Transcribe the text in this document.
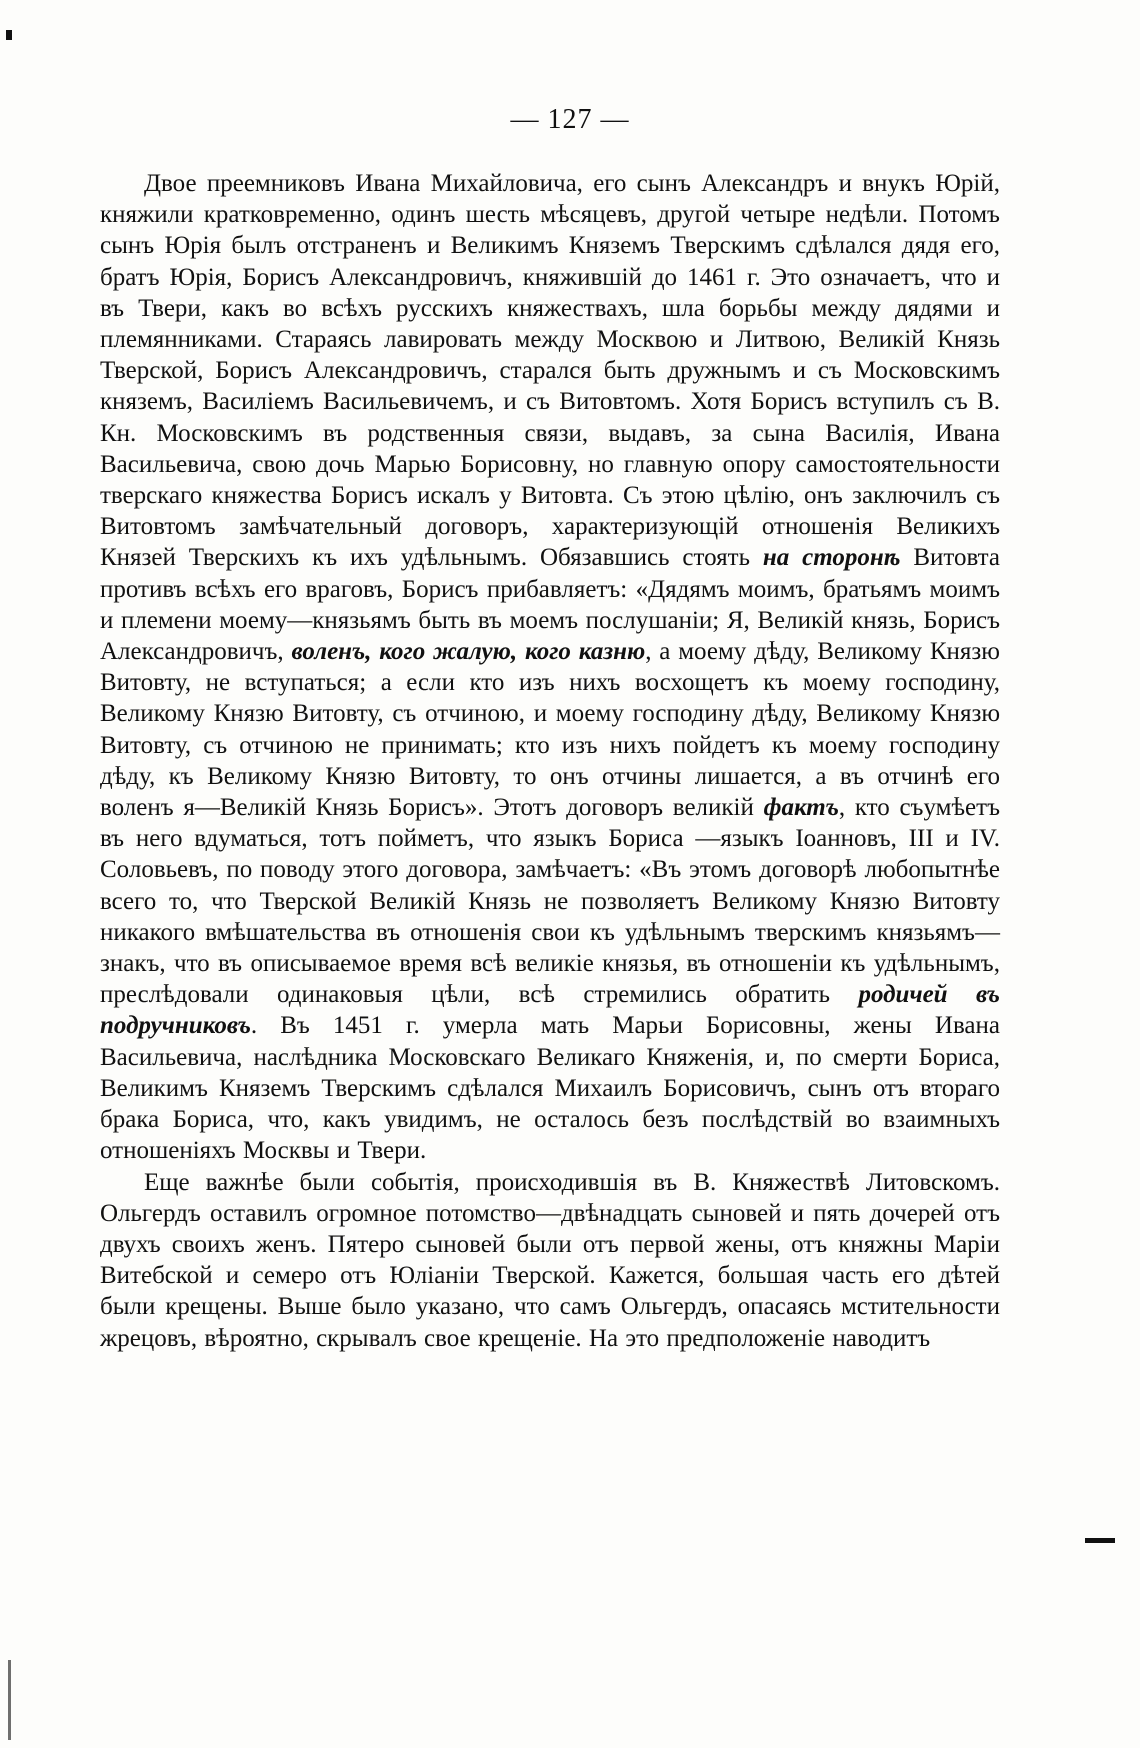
— 127 —

Двое преемниковъ Ивана Михайловича, его сынъ Александръ и внукъ Юрій, княжили кратковременно, одинъ шесть мѣсяцевъ, другой четыре недѣли. Потомъ сынъ Юрія былъ отстраненъ и Великимъ Княземъ Тверскимъ сдѣлался дядя его, братъ Юрія, Борисъ Александровичъ, княжившій до 1461 г. Это означаетъ, что и въ Твери, какъ во всѣхъ русскихъ княжествахъ, шла борьбы между дядями и племянниками. Стараясь лавировать между Москвою и Литвою, Великій Князь Тверской, Борисъ Александровичъ, старался быть дружнымъ и съ Московскимъ княземъ, Василіемъ Васильевичемъ, и съ Витовтомъ. Хотя Борисъ вступилъ съ В. Кн. Московскимъ въ родственныя связи, выдавъ, за сына Василія, Ивана Васильевича, свою дочь Марью Борисовну, но главную опору самостоятельности тверскаго княжества Борисъ искалъ у Витовта. Съ этою цѣлію, онъ заключилъ съ Витовтомъ замѣчательный договоръ, характеризующій отношенія Великихъ Князей Тверскихъ къ ихъ удѣльнымъ. Обязавшись стоять на сторонѣ Витовта противъ всѣхъ его враговъ, Борисъ прибавляетъ: «Дядямъ моимъ, братьямъ моимъ и племени моему—князьямъ быть въ моемъ послушаніи; Я, Великій князь, Борисъ Александровичъ, воленъ, кого жалую, кого казню, а моему дѣду, Великому Князю Витовту, не вступаться; а если кто изъ нихъ восхощетъ къ моему господину, Великому Князю Витовту, съ отчиною, и моему господину дѣду, Великому Князю Витовту, съ отчиною не принимать; кто изъ нихъ пойдетъ къ моему господину дѣду, къ Великому Князю Витовту, то онъ отчины лишается, а въ отчинѣ его воленъ я—Великій Князь Борисъ». Этотъ договоръ великій фактъ, кто съумѣетъ въ него вдуматься, тотъ пойметъ, что языкъ Бориса —языкъ Іоанновъ, III и IV. Соловьевъ, по поводу этого договора, замѣчаетъ: «Въ этомъ договорѣ любопытнѣе всего то, что Тверской Великій Князь не позволяетъ Великому Князю Витовту никакого вмѣшательства въ отношенія свои къ удѣльнымъ тверскимъ князьямъ—знакъ, что въ описываемое время всѣ великіе князья, въ отношеніи къ удѣльнымъ, преслѣдовали одинаковыя цѣли, всѣ стремились обратить родичей въ подручниковъ. Въ 1451 г. умерла мать Марьи Борисовны, жены Ивана Васильевича, наслѣдника Московскаго Великаго Княженія, и, по смерти Бориса, Великимъ Княземъ Тверскимъ сдѣлался Михаилъ Борисовичъ, сынъ отъ втораго брака Бориса, что, какъ увидимъ, не осталось безъ послѣдствій во взаимныхъ отношеніяхъ Москвы и Твери.

Еще важнѣе были событія, происходившія въ В. Княжествѣ Литовскомъ. Ольгердъ оставилъ огромное потомство—двѣнадцать сыновей и пять дочерей отъ двухъ своихъ женъ. Пятеро сыновей были отъ первой жены, отъ княжны Маріи Витебской и семеро отъ Юліаніи Тверской. Кажется, большая часть его дѣтей были крещены. Выше было указано, что самъ Ольгердъ, опасаясь мстительности жрецовъ, вѣроятно, скрывалъ свое крещеніе. На это предположеніе наводитъ
